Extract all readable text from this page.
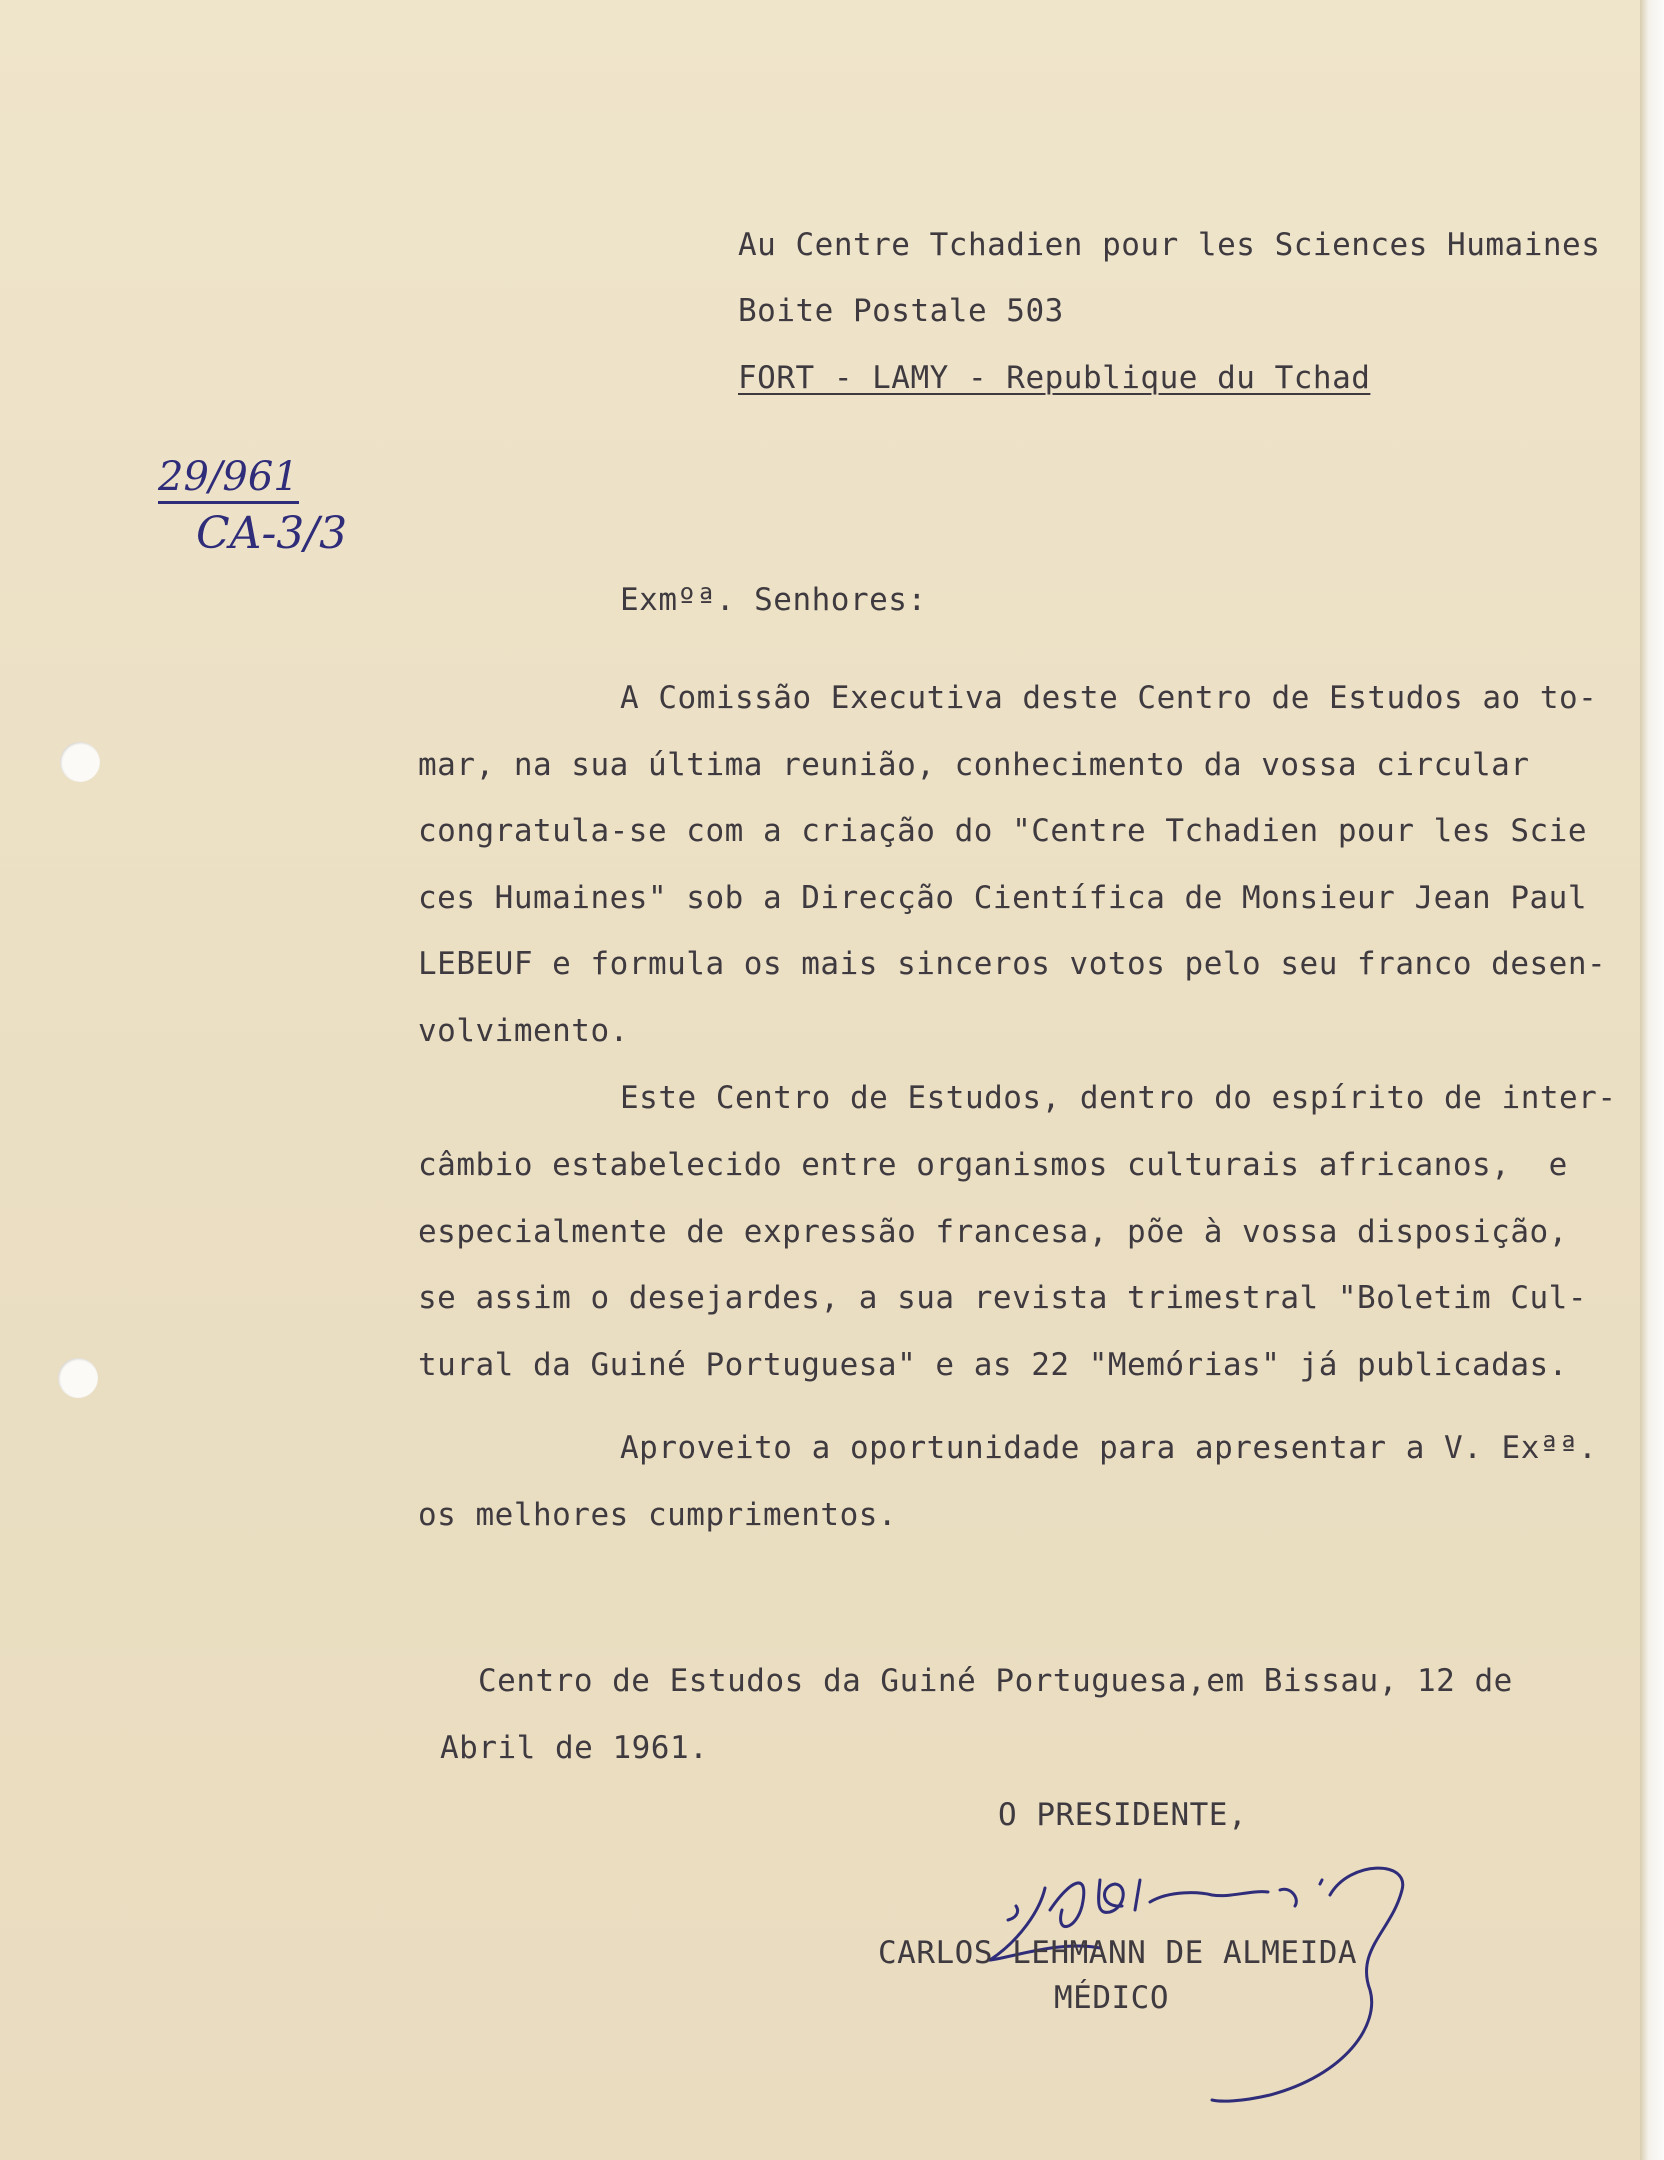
Au Centre Tchadien pour les Sciences Humaines
Boite Postale 503
FORT - LAMY - Republique du Tchad
29/961
CA-3/3
Exmºª. Senhores:
A Comissão Executiva deste Centro de Estudos ao to-
mar, na sua última reunião, conhecimento da vossa circular
congratula-se com a criação do "Centre Tchadien pour les Scie
ces Humaines" sob a Direcção Científica de Monsieur Jean Paul
LEBEUF e formula os mais sinceros votos pelo seu franco desen-
volvimento.
Este Centro de Estudos, dentro do espírito de inter-
câmbio estabelecido entre organismos culturais africanos,  e
especialmente de expressão francesa, põe à vossa disposição,
se assim o desejardes, a sua revista trimestral "Boletim Cul-
tural da Guiné Portuguesa" e as 22 "Memórias" já publicadas.
Aproveito a oportunidade para apresentar a V. Exªª.
os melhores cumprimentos.
Centro de Estudos da Guiné Portuguesa,em Bissau, 12 de
Abril de 1961.
O PRESIDENTE,
CARLOS LEHMANN DE ALMEIDA
MÉDICO
